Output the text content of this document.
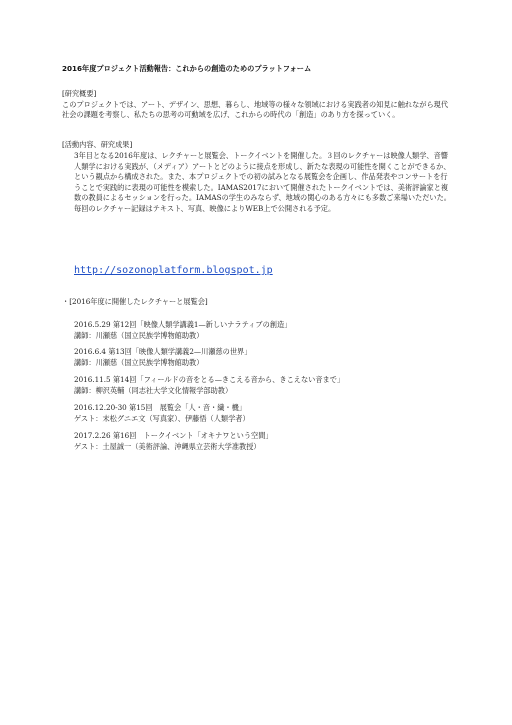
2016年度プロジェクト活動報告：これからの創造のためのプラットフォーム
[研究概要]

このプロジェクトでは、アート、デザイン、思想、暮らし、地域等の様々な領域における実践者の知見に触れながら現代社会の課題を考察し、私たちの思考の可動域を広げ、これからの時代の「創造」のあり方を探っていく。

[活動内容、研究成果]

3年目となる2016年度は、レクチャーと展覧会、トークイベントを開催した。３回のレクチャーは映像人類学、音響人類学における実践が、（メディア）アートとどのように接点を形成し、新たな表現の可能性を開くことができるか、という観点から構成された。また、本プロジェクトでの初の試みとなる展覧会を企画し、作品発表やコンサートを行うことで実践的に表現の可能性を模索した。IAMAS2017において開催されたトークイベントでは、美術評論家と複数の教員によるセッションを行った。IAMASの学生のみならず、地域の関心のある方々にも多数ご来場いただいた。毎回のレクチャー記録はテキスト、写真、映像によりWEB上で公開される予定。

http://sozonoplatform.blogspot.jp
・[2016年度に開催したレクチャーと展覧会]

2016.5.29 第12回「映像人類学講義1—新しいナラティブの創造」

講師：川瀬慈（国立民族学博物館助教）

2016.6.4 第13回「映像人類学講義2—川瀬慈の世界」

講師：川瀬慈（国立民族学博物館助教）

2016.11.5 第14回「フィールドの音をとる—きこえる音から、きこえない音まで」

講師：柳沢英輔（同志社大学文化情報学部助教）

2016.12.20-30 第15回　展覧会「人・音・繊・機」

ゲスト：末松グニエ文（写真家）、伊藤悟（人類学者）

2017.2.26 第16回　トークイベント「オキナワという空間」

ゲスト：土屋誠一（美術評論、沖縄県立芸術大学准教授）
